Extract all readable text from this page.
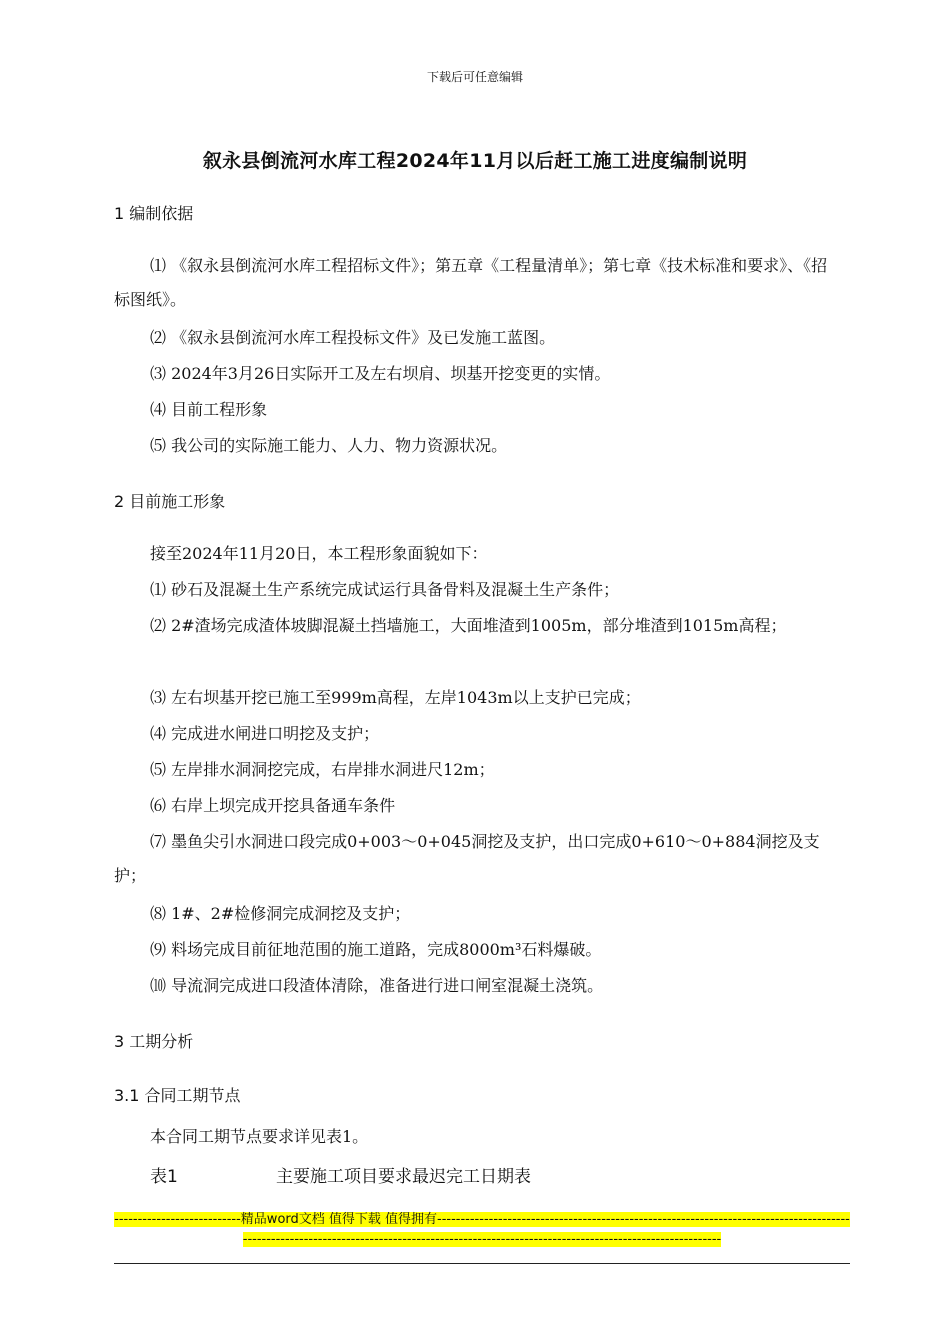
下载后可任意编辑
叙永县倒流河水库工程2024年11月以后赶工施工进度编制说明
1 编制依据
⑴ 《叙永县倒流河水库工程招标文件》；第五章《工程量清单》；第七章《技术标准和要求》、《招标图纸》。
⑵ 《叙永县倒流河水库工程投标文件》及已发施工蓝图。
⑶ 2024年3月26日实际开工及左右坝肩、坝基开挖变更的实情。
⑷ 目前工程形象
⑸ 我公司的实际施工能力、人力、物力资源状况。
2 目前施工形象
接至2024年11月20日，本工程形象面貌如下：
⑴ 砂石及混凝土生产系统完成试运行具备骨料及混凝土生产条件；
⑵ 2#渣场完成渣体坡脚混凝土挡墙施工，大面堆渣到1005m，部分堆渣到1015m高程；
⑶ 左右坝基开挖已施工至999m高程，左岸1043m以上支护已完成；
⑷ 完成进水闸进口明挖及支护；
⑸ 左岸排水洞洞挖完成，右岸排水洞进尺12m；
⑹ 右岸上坝完成开挖具备通车条件
⑺ 墨鱼尖引水洞进口段完成0+003～0+045洞挖及支护，出口完成0+610～0+884洞挖及支护；
⑻ 1#、2#检修洞完成洞挖及支护；
⑼ 料场完成目前征地范围的施工道路，完成8000m³石料爆破。
⑽ 导流洞完成进口段渣体清除，准备进行进口闸室混凝土浇筑。
3 工期分析
3.1 合同工期节点
本合同工期节点要求详见表1。
表1	主要施工项目要求最迟完工日期表
---------------------------精品word文档 值得下载 值得拥有----------------------------------------------------------------------------------------------------------------------------------------------------------------------------------------------
